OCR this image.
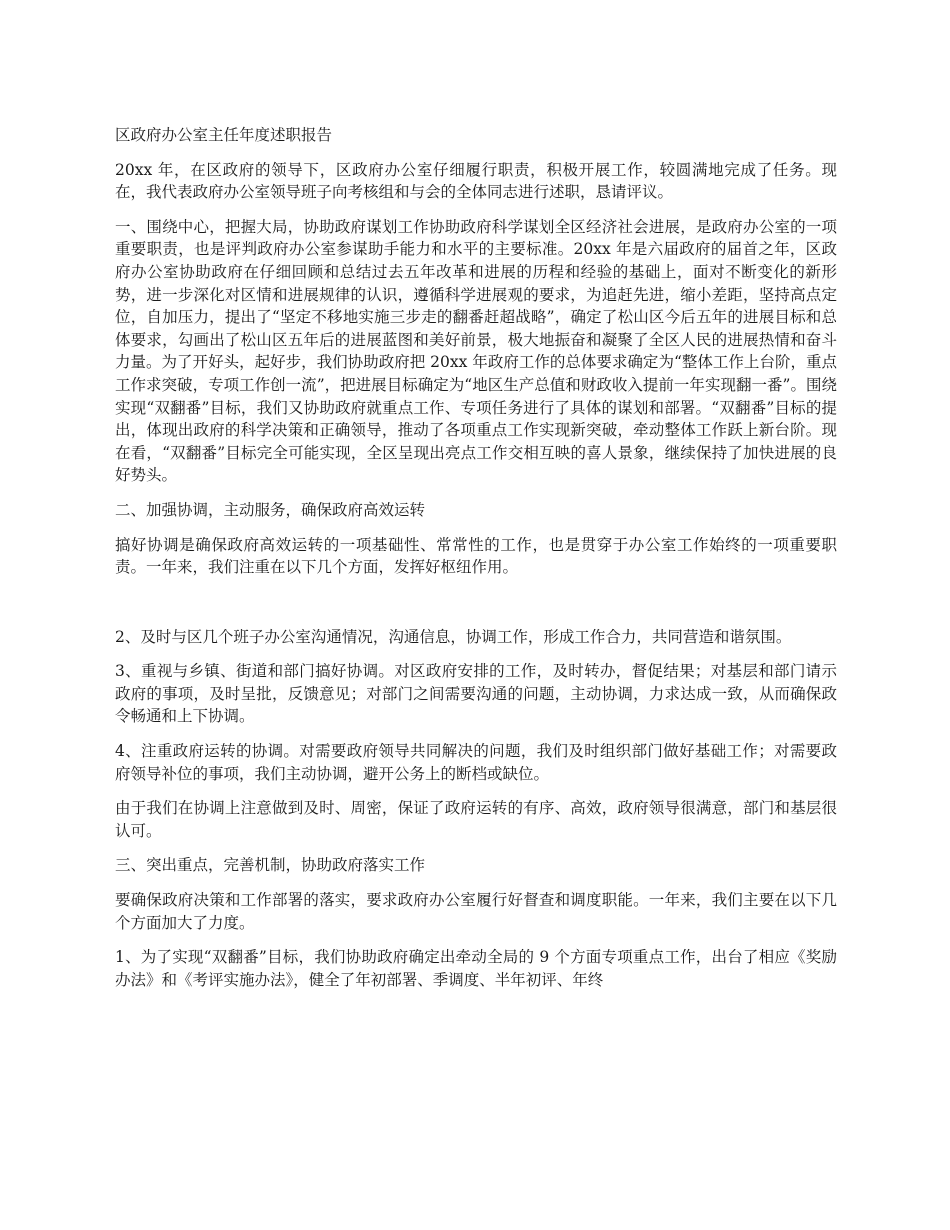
区政府办公室主任年度述职报告

20xx 年，在区政府的领导下，区政府办公室仔细履行职责，积极开展工作，较圆满地完成了任务。现在，我代表政府办公室领导班子向考核组和与会的全体同志进行述职，恳请评议。

一、围绕中心，把握大局，协助政府谋划工作协助政府科学谋划全区经济社会进展，是政府办公室的一项重要职责，也是评判政府办公室参谋助手能力和水平的主要标准。20xx 年是六届政府的届首之年，区政府办公室协助政府在仔细回顾和总结过去五年改革和进展的历程和经验的基础上，面对不断变化的新形势，进一步深化对区情和进展规律的认识，遵循科学进展观的要求，为追赶先进，缩小差距，坚持高点定位，自加压力，提出了“坚定不移地实施三步走的翻番赶超战略”，确定了松山区今后五年的进展目标和总体要求，勾画出了松山区五年后的进展蓝图和美好前景，极大地振奋和凝聚了全区人民的进展热情和奋斗力量。为了开好头，起好步，我们协助政府把 20xx 年政府工作的总体要求确定为“整体工作上台阶，重点工作求突破，专项工作创一流”，把进展目标确定为“地区生产总值和财政收入提前一年实现翻一番”。围绕实现“双翻番”目标，我们又协助政府就重点工作、专项任务进行了具体的谋划和部署。“双翻番”目标的提出，体现出政府的科学决策和正确领导，推动了各项重点工作实现新突破，牵动整体工作跃上新台阶。现在看，“双翻番”目标完全可能实现，全区呈现出亮点工作交相互映的喜人景象，继续保持了加快进展的良好势头。

二、加强协调，主动服务，确保政府高效运转

搞好协调是确保政府高效运转的一项基础性、常常性的工作，也是贯穿于办公室工作始终的一项重要职责。一年来，我们注重在以下几个方面，发挥好枢纽作用。

2、及时与区几个班子办公室沟通情况，沟通信息，协调工作，形成工作合力，共同营造和谐氛围。

3、重视与乡镇、街道和部门搞好协调。对区政府安排的工作，及时转办，督促结果；对基层和部门请示政府的事项，及时呈批，反馈意见；对部门之间需要沟通的问题，主动协调，力求达成一致，从而确保政令畅通和上下协调。

4、注重政府运转的协调。对需要政府领导共同解决的问题，我们及时组织部门做好基础工作；对需要政府领导补位的事项，我们主动协调，避开公务上的断档或缺位。

由于我们在协调上注意做到及时、周密，保证了政府运转的有序、高效，政府领导很满意，部门和基层很认可。

三、突出重点，完善机制，协助政府落实工作

要确保政府决策和工作部署的落实，要求政府办公室履行好督查和调度职能。一年来，我们主要在以下几个方面加大了力度。

1、为了实现“双翻番”目标，我们协助政府确定出牵动全局的 9 个方面专项重点工作，出台了相应《奖励办法》和《考评实施办法》，健全了年初部署、季调度、半年初评、年终
